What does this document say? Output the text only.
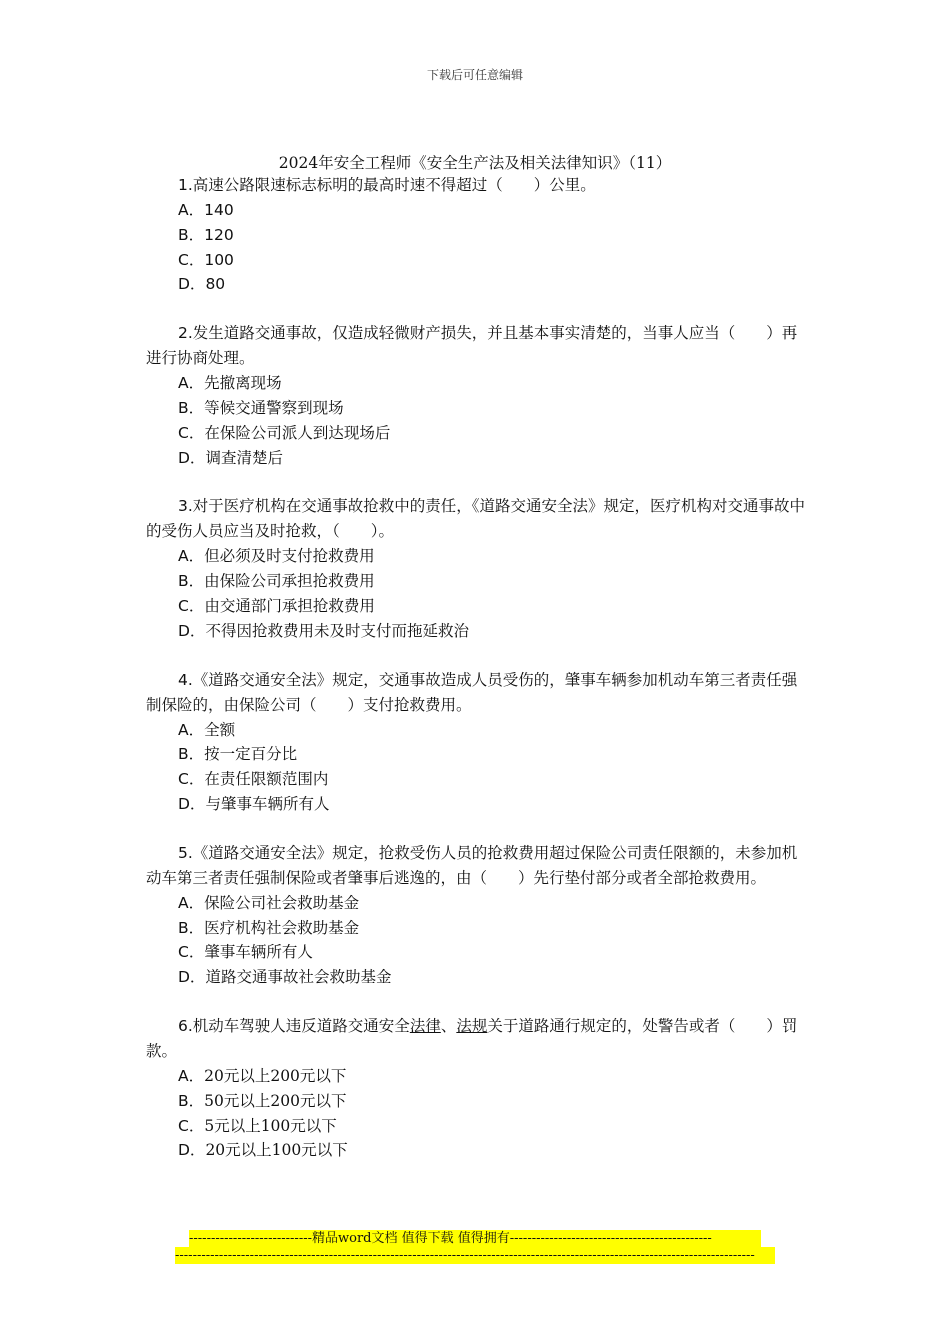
下载后可任意编辑
2024年安全工程师《安全生产法及相关法律知识》（11）
1.高速公路限速标志标明的最高时速不得超过（　　）公里。
A．140
B．120
C．100
D．80
2.发生道路交通事故，仅造成轻微财产损失，并且基本事实清楚的，当事人应当（　　）再进行协商处理。
A．先撤离现场
B．等候交通警察到现场
C．在保险公司派人到达现场后
D．调查清楚后
3.对于医疗机构在交通事故抢救中的责任，《道路交通安全法》规定，医疗机构对交通事故中的受伤人员应当及时抢救，（　　）。
A．但必须及时支付抢救费用
B．由保险公司承担抢救费用
C．由交通部门承担抢救费用
D．不得因抢救费用未及时支付而拖延救治
4.《道路交通安全法》规定，交通事故造成人员受伤的，肇事车辆参加机动车第三者责任强制保险的，由保险公司（　　）支付抢救费用。
A．全额
B．按一定百分比
C．在责任限额范围内
D．与肇事车辆所有人
5.《道路交通安全法》规定，抢救受伤人员的抢救费用超过保险公司责任限额的，未参加机动车第三者责任强制保险或者肇事后逃逸的，由（　　）先行垫付部分或者全部抢救费用。
A．保险公司社会救助基金
B．医疗机构社会救助基金
C．肇事车辆所有人
D．道路交通事故社会救助基金
6.机动车驾驶人违反道路交通安全法律、法规关于道路通行规定的，处警告或者（　　）罚款。
A．20元以上200元以下
B．50元以上200元以下
C．5元以上100元以下
D．20元以上100元以下
----------------------------精品word文档 值得下载 值得拥有----------------------------------------------
------------------------------------------------------------------------------------------------------------------------------------
